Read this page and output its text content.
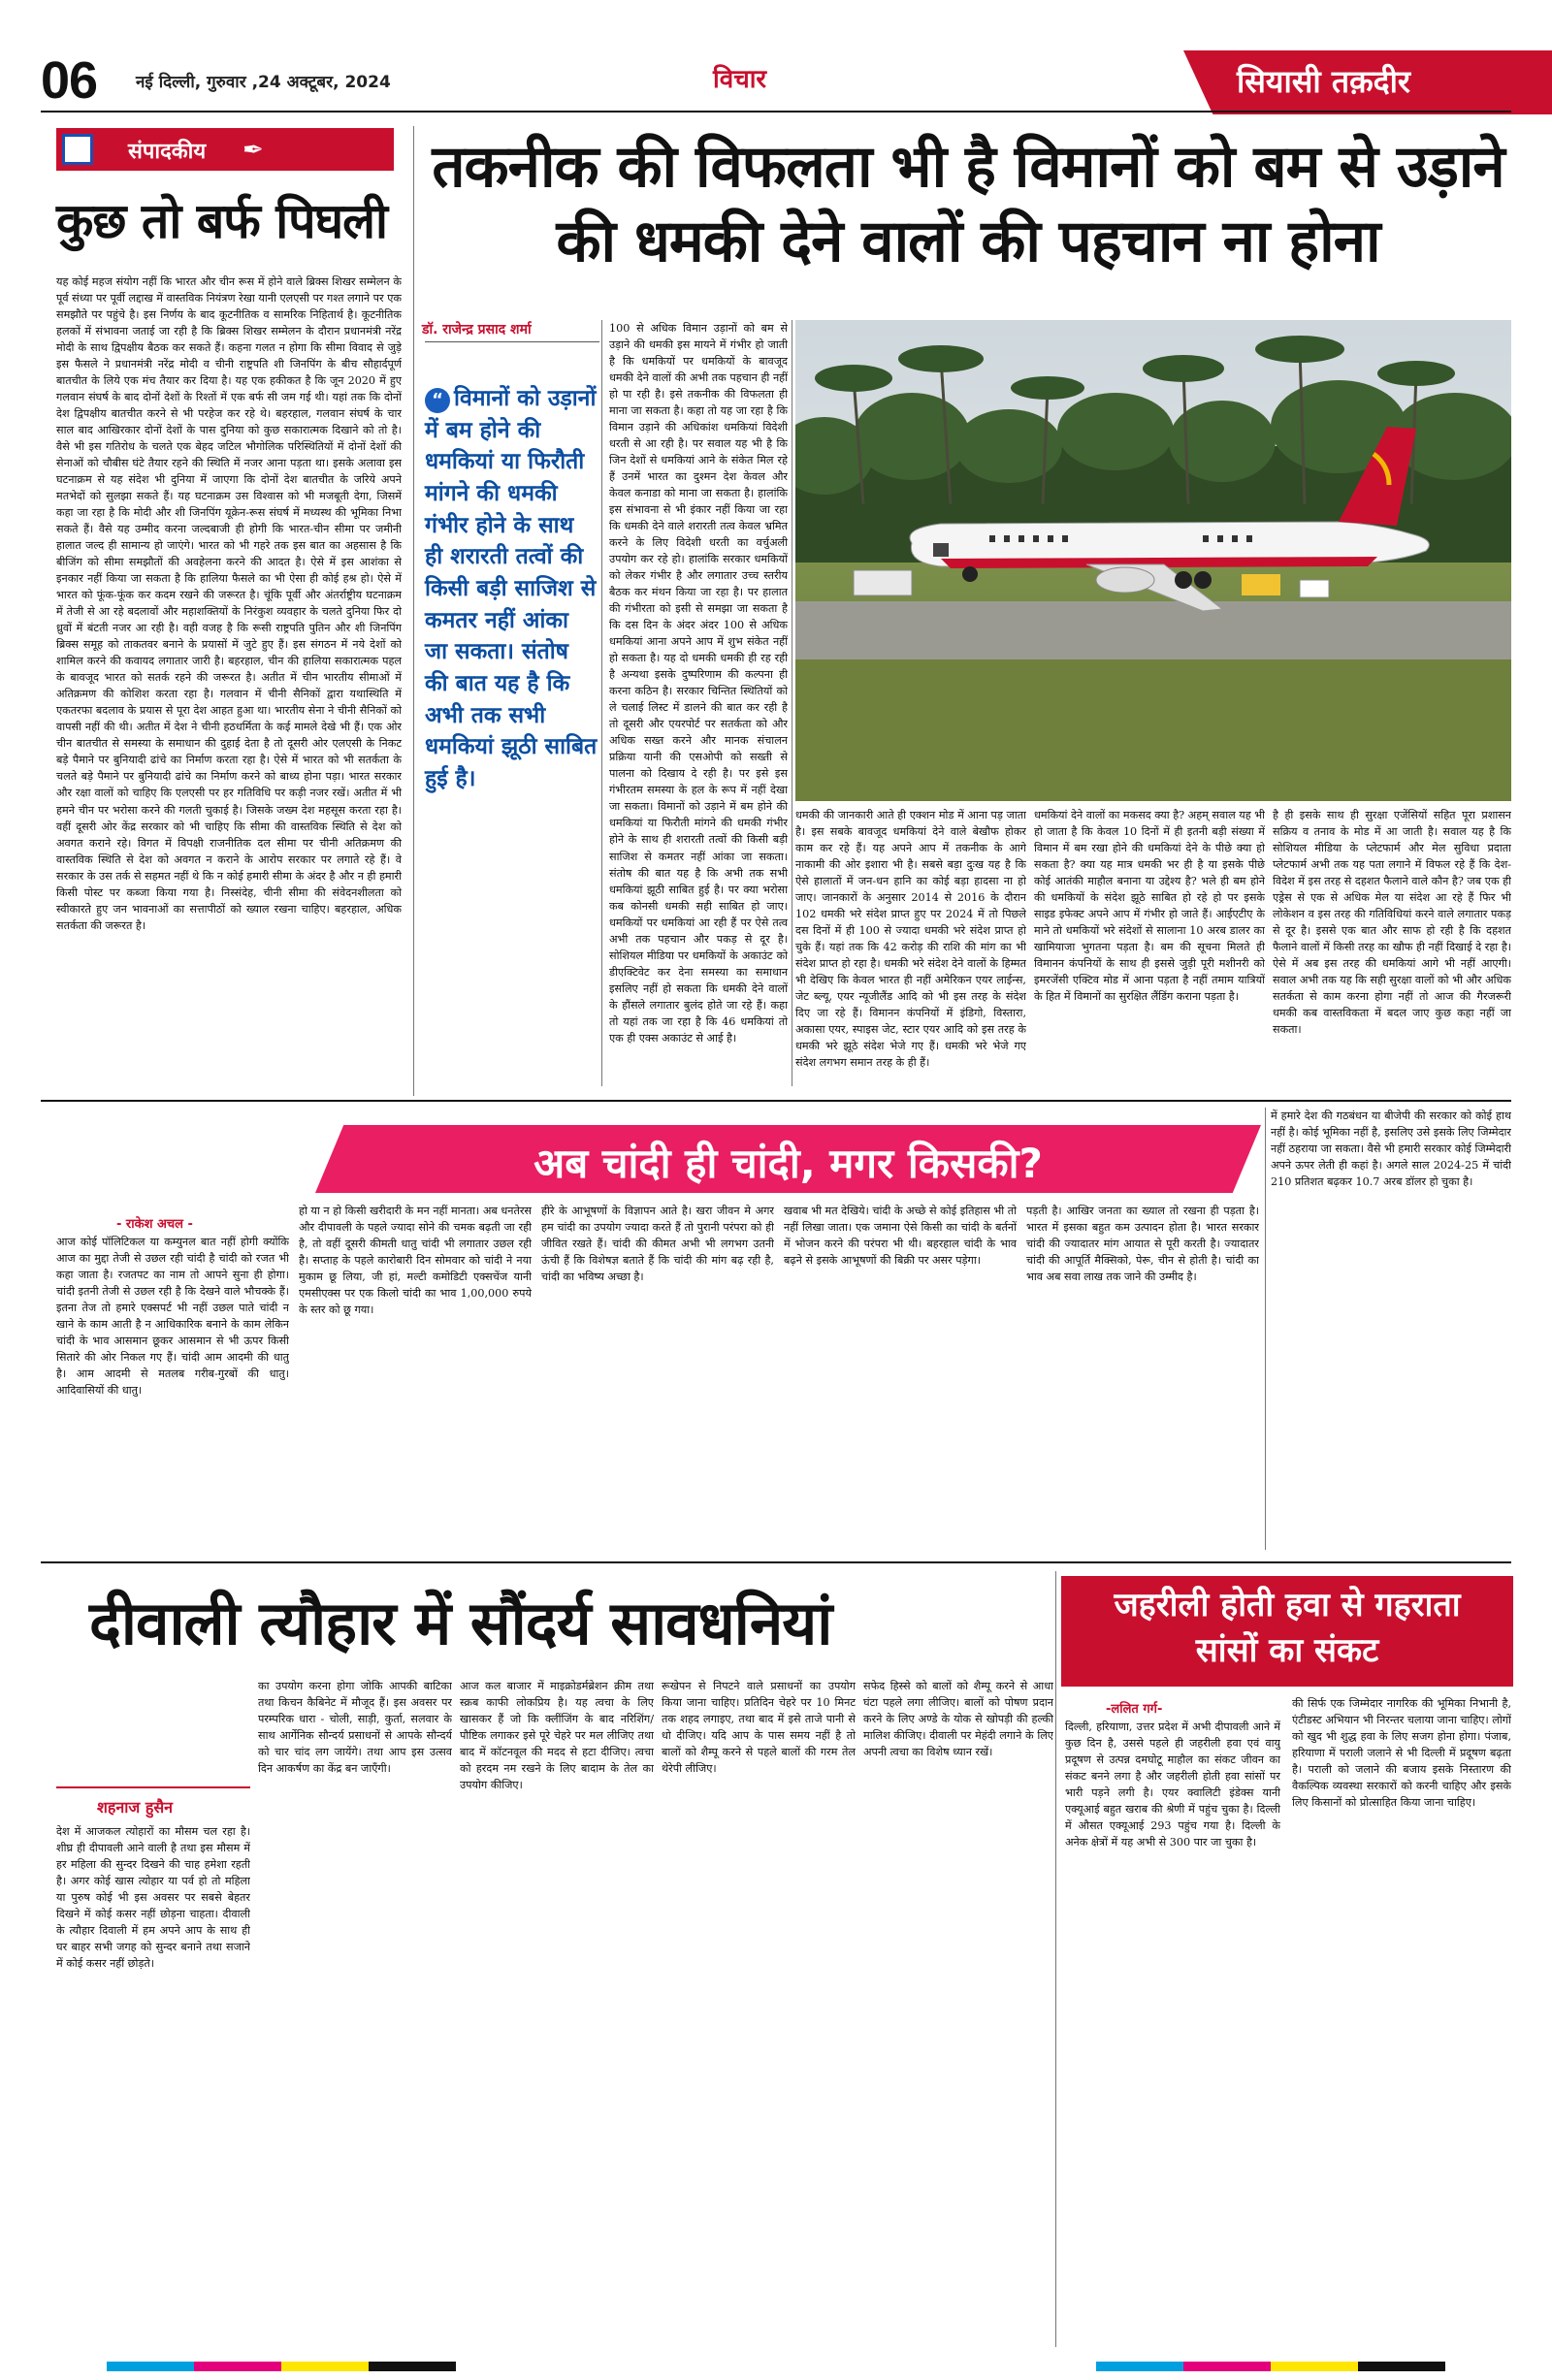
06 नई दिल्ली, गुरुवार ,24 अक्टूबर, 2024	विचार	सियासी तक़दीर
संपादकीय ✒
कुछ तो बर्फ पिघली
यह कोई महज संयोग नहीं कि भारत और चीन रूस में होने वाले ब्रिक्स शिखर सम्मेलन के पूर्व संध्या पर पूर्वी लद्दाख में वास्तविक नियंत्रण रेखा यानी एलएसी पर गश्त लगाने पर एक समझौते पर पहुंचे है। इस निर्णय के बाद कूटनीतिक व सामरिक निहितार्थ है। कूटनीतिक हलकों में संभावना जताई जा रही है कि ब्रिक्स शिखर सम्मेलन के दौरान प्रधानमंत्री नरेंद्र मोदी के साथ द्विपक्षीय बैठक कर सकते हैं। कहना गलत न होगा कि सीमा विवाद से जुड़े इस फैसले ने प्रधानमंत्री नरेंद्र मोदी व चीनी राष्ट्रपति शी जिनपिंग के बीच सौहार्दपूर्ण बातचीत के लिये एक मंच तैयार कर दिया है। यह एक हकीकत है कि जून 2020 में हुए गलवान संघर्ष के बाद दोनों देशों के रिश्तों में एक बर्फ सी जम गई थी। यहां तक कि दोनों देश द्विपक्षीय बातचीत करने से भी परहेज कर रहे थे। बहरहाल, गलवान संघर्ष के चार साल बाद आखिरकार दोनों देशों के पास दुनिया को कुछ सकारात्मक दिखाने को तो है। वैसे भी इस गतिरोध के चलते एक बेहद जटिल भौगोलिक परिस्थितियों में दोनों देशों की सेनाओं को चौबीस घंटे तैयार रहने की स्थिति में नजर आना पड़ता था। इसके अलावा इस घटनाक्रम से यह संदेश भी दुनिया में जाएगा कि दोनों देश बातचीत के जरिये अपने मतभेदों को सुलझा सकते हैं। यह घटनाक्रम उस विश्वास को भी मजबूती देगा, जिसमें कहा जा रहा है कि मोदी और शी जिनपिंग यूक्रेन-रूस संघर्ष में मध्यस्थ की भूमिका निभा सकते हैं। वैसे यह उम्मीद करना जल्दबाजी ही होगी कि भारत-चीन सीमा पर जमीनी हालात जल्द ही सामान्य हो जाएंगे। भारत को भी गहरे तक इस बात का अहसास है कि बीजिंग को सीमा समझौतों की अवहेलना करने की आदत है। ऐसे में इस आशंका से इनकार नहीं किया जा सकता है कि हालिया फैसले का भी ऐसा ही कोई हश्र हो। ऐसे में भारत को फूंक-फूंक कर कदम रखने की जरूरत है। चूंकि पूर्वी और अंतर्राष्ट्रीय घटनाक्रम में तेजी से आ रहे बदलावों और महाशक्तियों के निरंकुश व्यवहार के चलते दुनिया फिर दो ध्रुवों में बंटती नजर आ रही है। वही वजह है कि रूसी राष्ट्रपति पुतिन और शी जिनपिंग ब्रिक्स समूह को ताकतवर बनाने के प्रयासों में जुटे हुए हैं। इस संगठन में नये देशों को शामिल करने की कवायद लगातार जारी है। बहरहाल, चीन की हालिया सकारात्मक पहल के बावजूद भारत को सतर्क रहने की जरूरत है। अतीत में चीन भारतीय सीमाओं में अतिक्रमण की कोशिश करता रहा है। गलवान में चीनी सैनिकों द्वारा यथास्थिति में एकतरफा बदलाव के प्रयास से पूरा देश आहत हुआ था। भारतीय सेना ने चीनी सैनिकों को वापसी नहीं की थी। अतीत में देश ने चीनी हठधर्मिता के कई मामले देखे भी हैं। एक ओर चीन बातचीत से समस्या के समाधान की दुहाई देता है तो दूसरी ओर एलएसी के निकट बड़े पैमाने पर बुनियादी ढांचे का निर्माण करता रहा है। ऐसे में भारत को भी सतर्कता के चलते बड़े पैमाने पर बुनियादी ढांचे का निर्माण करने को बाध्य होना पड़ा। भारत सरकार और रक्षा वालों को चाहिए कि एलएसी पर हर गतिविधि पर कड़ी नजर रखें। अतीत में भी हमने चीन पर भरोसा करने की गलती चुकाई है। जिसके जख्म देश महसूस करता रहा है। वहीं दूसरी ओर केंद्र सरकार को भी चाहिए कि सीमा की वास्तविक स्थिति से देश को अवगत कराने रहे। विगत में विपक्षी राजनीतिक दल सीमा पर चीनी अतिक्रमण की वास्तविक स्थिति से देश को अवगत न कराने के आरोप सरकार पर लगाते रहे हैं। वे सरकार के उस तर्क से सहमत नहीं थे कि न कोई हमारी सीमा के अंदर है और न ही हमारी किसी पोस्ट पर कब्जा किया गया है। निस्संदेह, चीनी सीमा की संवेदनशीलता को स्वीकारते हुए जन भावनाओं का सत्तापीठों को ख्याल रखना चाहिए। बहरहाल, अधिक सतर्कता की जरूरत है।
तकनीक की विफलता भी है विमानों को बम से उड़ाने
की धमकी देने वालों की पहचान ना होना
डॉ. राजेन्द्र प्रसाद शर्मा
“ विमानों को उड़ानों में बम होने की धमकियां या फिरौती मांगने की धमकी गंभीर होने के साथ ही शरारती तत्वों की किसी बड़ी साजिश से कमतर नहीं आंका जा सकता। संतोष की बात यह है कि अभी तक सभी धमकियां झूठी साबित हुई है।
100 से अधिक विमान उड़ानों को बम से उड़ाने की धमकी इस मायने में गंभीर हो जाती है कि धमकियों पर धमकियों के बावजूद धमकी देने वालों की अभी तक पहचान ही नहीं हो पा रही है। इसे तकनीक की विफलता ही माना जा सकता है। कहा तो यह जा रहा है कि विमान उड़ाने की अधिकांश धमकियां विदेशी धरती से आ रही है। पर सवाल यह भी है कि जिन देशों से धमकियां आने के संकेत मिल रहे हैं उनमें भारत का दुश्मन देश केवल और केवल कनाडा को माना जा सकता है। हालांकि इस संभावना से भी इंकार नहीं किया जा रहा कि धमकी देने वाले शरारती तत्व केवल भ्रमित करने के लिए विदेशी धरती का वर्चुअली उपयोग कर रहे हो। हालांकि सरकार धमकियों को लेकर गंभीर है और लगातार उच्च स्तरीय बैठक कर मंथन किया जा रहा है। पर हालात की गंभीरता को इसी से समझा जा सकता है कि दस दिन के अंदर अंदर 100 से अधिक धमकियां आना अपने आप में शुभ संकेत नहीं हो सकता है। यह दो धमकी धमकी ही रह रही है अन्यथा इसके दुष्परिणाम की कल्पना ही करना कठिन है। सरकार चिन्तित स्थितियों को ले चलाई लिस्ट में डालने की बात कर रही है तो दूसरी और एयरपोर्ट पर सतर्कता को और अधिक सख्त करने और मानक संचालन प्रक्रिया यानी की एसओपी को सख्ती से पालना को दिखाय दे रही है। पर इसे इस गंभीरतम समस्या के हल के रूप में नहीं देखा जा सकता। विमानों को उड़ाने में बम होने की धमकियां या फिरौती मांगने की धमकी गंभीर होने के साथ ही शरारती तत्वों की किसी बड़ी साजिश से कमतर नहीं आंका जा सकता। संतोष की बात यह है कि अभी तक सभी धमकियां झूठी साबित हुई है। पर क्या भरोसा कब कोनसी धमकी सही साबित हो जाए। धमकियों पर धमकियां आ रही हैं पर ऐसे तत्व अभी तक पहचान और पकड़ से दूर है। सोशियल मीडिया पर धमकियों के अकाउंट को डीएक्टिवेट कर देना समस्या का समाधान इसलिए नहीं हो सकता कि धमकी देने वालों के हौंसले लगातार बुलंद होते जा रहे हैं। कहा तो यहां तक जा रहा है कि 46 धमकियां तो एक ही एक्स अकाउंट से आई है।
धमकी की जानकारी आते ही एक्शन मोड में आना पड़ जाता है। इस सबके बावजूद धमकियां देने वाले बेखौफ होकर काम कर रहे हैं। यह अपने आप में तकनीक के आगे नाकामी की ओर इशारा भी है। सबसे बड़ा दुःख यह है कि ऐसे हालातों में जन-धन हानि का कोई बड़ा हादसा ना हो जाए। जानकारों के अनुसार 2014 से 2016 के दौरान 102 धमकी भरे संदेश प्राप्त हुए पर 2024 में तो पिछले दस दिनों में ही 100 से ज्यादा धमकी भरे संदेश प्राप्त हो चुके हैं। यहां तक कि 42 करोड़ की राशि की मांग का भी संदेश प्राप्त हो रहा है। धमकी भरे संदेश देने वालों के हिम्मत भी देखिए कि केवल भारत ही नहीं अमेरिकन एयर लाईन्स, जेट ब्ल्यू, एयर न्यूजीलैंड आदि को भी इस तरह के संदेश दिए जा रहे हैं। विमानन कंपनियों में इंडिगो, विस्तारा, अकासा एयर, स्पाइस जेट, स्टार एयर आदि को इस तरह के धमकी भरे झूठे संदेश भेजे गए हैं। धमकी भरे भेजे गए संदेश लगभग समान तरह के ही हैं।
धमकियां देने वालों का मकसद क्या है? अहम् सवाल यह भी हो जाता है कि केवल 10 दिनों में ही इतनी बड़ी संख्या में विमान में बम रखा होने की धमकियां देने के पीछे क्या हो सकता है? क्या यह मात्र धमकी भर ही है या इसके पीछे कोई आतंकी माहौल बनाना या उद्देश्य है? भले ही बम होने की धमकियों के संदेश झूठे साबित हो रहे हो पर इसके साइड इफेक्ट अपने आप में गंभीर हो जाते हैं। आईएटीए के माने तो धमकियों भरे संदेशों से सालाना 10 अरब डालर का खामियाजा भुगतना पड़ता है। बम की सूचना मिलते ही विमानन कंपनियों के साथ ही इससे जुड़ी पूरी मशीनरी को इमरजेंसी एक्टिव मोड में आना पड़ता है नहीं तमाम यात्रियों के हित में विमानों का सुरक्षित लैंडिंग कराना पड़ता है।
है ही इसके साथ ही सुरक्षा एजेंसियों सहित पूरा प्रशासन सक्रिय व तनाव के मोड में आ जाती है। सवाल यह है कि सोशियल मीडिया के प्लेटफार्म और मेल सुविधा प्रदाता प्लेटफार्म अभी तक यह पता लगाने में विफल रहे हैं कि देश-विदेश में इस तरह से दहशत फैलाने वाले कौन है? जब एक ही एड्रेस से एक से अधिक मेल या संदेश आ रहे हैं फिर भी लोकेशन व इस तरह की गतिविधियां करने वाले लगातार पकड़ से दूर है। इससे एक बात और साफ हो रही है कि दहशत फैलाने वालों में किसी तरह का खौफ ही नहीं दिखाई दे रहा है। ऐसे में अब इस तरह की धमकियां आगे भी नहीं आएगी। सवाल अभी तक यह कि सही सुरक्षा वालों को भी और अधिक सतर्कता से काम करना होगा नहीं तो आज की गैरजरूरी धमकी कब वास्तविकता में बदल जाए कुछ कहा नहीं जा सकता।
अब चांदी ही चांदी, मगर किसकी?
- राकेश अचल -
आज कोई पॉलिटिकल या कम्युनल बात नहीं होगी क्योंकि आज का मुद्दा तेजी से उछल रही चांदी है चांदी को रजत भी कहा जाता है। रजतपट का नाम तो आपने सुना ही होगा। चांदी इतनी तेजी से उछल रही है कि देखने वाले भौचक्के हैं। इतना तेज तो हमारे एक्सपर्ट भी नहीं उछल पाते चांदी न खाने के काम आती है न आधिकारिक बनाने के काम लेकिन चांदी के भाव आसमान छूकर आसमान से भी ऊपर किसी सितारे की ओर निकल गए हैं। चांदी आम आदमी की धातु है। आम आदमी से मतलब गरीब-गुरबों की धातु। आदिवासियों की धातु।
हो या न हो किसी खरीदारी के मन नहीं मानता। अब धनतेरस और दीपावली के पहले ज्यादा सोने की चमक बढ़ती जा रही है, तो वहीं दूसरी कीमती धातु चांदी भी लगातार उछल रही है। सप्ताह के पहले कारोबारी दिन सोमवार को चांदी ने नया मुकाम छू लिया, जी हां, मल्टी कमोडिटी एक्सचेंज यानी एमसीएक्स पर एक किलो चांदी का भाव 1,00,000 रुपये के स्तर को छू गया।
हीरे के आभूषणों के विज्ञापन आते है। खरा जीवन मे अगर हम चांदी का उपयोग ज्यादा करते हैं तो पुरानी परंपरा को ही जीवित रखते हैं। चांदी की कीमत अभी भी लगभग उतनी ऊंची हैं कि विशेषज्ञ बताते हैं कि चांदी की मांग बढ़ रही है, चांदी का भविष्य अच्छा है।
खवाब भी मत देखिये। चांदी के अच्छे से कोई इतिहास भी तो नहीं लिखा जाता। एक जमाना ऐसे किसी का चांदी के बर्तनों में भोजन करने की परंपरा भी थी। बहरहाल चांदी के भाव बढ़ने से इसके आभूषणों की बिक्री पर असर पड़ेगा।
पड़ती है। आखिर जनता का ख्याल तो रखना ही पड़ता है। भारत में इसका बहुत कम उत्पादन होता है। भारत सरकार चांदी की ज्यादातर मांग आयात से पूरी करती है। ज्यादातर चांदी की आपूर्ति मैक्सिको, पेरू, चीन से होती है। चांदी का भाव अब सवा लाख तक जाने की उम्मीद है।
में हमारे देश की गठबंधन या बीजेपी की सरकार को कोई हाथ नहीं है। कोई भूमिका नहीं है, इसलिए उसे इसके लिए जिम्मेदार नहीं ठहराया जा सकता। वैसे भी हमारी सरकार कोई जिम्मेदारी अपने ऊपर लेती ही कहां है। अगले साल 2024-25 में चांदी 210 प्रतिशत बढ़कर 10.7 अरब डॉलर हो चुका है।
दीवाली त्यौहार में सौंदर्य सावधनियां
शहनाज हुसैन
देश में आजकल त्योहारों का मौसम चल रहा है। शीघ्र ही दीपावली आने वाली है तथा इस मौसम में हर महिला की सुन्दर दिखने की चाह हमेशा रहती है। अगर कोई खास त्योहार या पर्व हो तो महिला या पुरुष कोई भी इस अवसर पर सबसे बेहतर दिखने में कोई कसर नहीं छोड़ना चाहता। दीवाली के त्यौहार दिवाली में हम अपने आप के साथ ही घर बाहर सभी जगह को सुन्दर बनाने तथा सजाने में कोई कसर नहीं छोड़ते।
का उपयोग करना होगा जोकि आपकी बाटिका तथा किचन कैबिनेट में मौजूद हैं। इस अवसर पर परम्परिक धारा - चोली, साड़ी, कुर्ता, सलवार के साथ आर्गेनिक सौन्दर्य प्रसाधनों से आपके सौन्दर्य को चार चांद लग जायेंगे। तथा आप इस उत्सव दिन आकर्षण का केंद्र बन जाएँगी।
आज कल बाजार में माइक्रोडर्मब्रेशन क्रीम तथा स्क्रब काफी लोकप्रिय है। यह त्वचा के लिए खासकर हैं जो कि क्लींजिंग के बाद नरिशिंग/पौष्टिक लगाकर इसे पूरे चेहरे पर मल लीजिए तथा बाद में कॉटनवूल की मदद से हटा दीजिए। त्वचा को हरदम नम रखने के लिए बादाम के तेल का उपयोग कीजिए।
रूखेपन से निपटने वाले प्रसाधनों का उपयोग किया जाना चाहिए। प्रतिदिन चेहरे पर 10 मिनट तक शहद लगाइए, तथा बाद में इसे ताजे पानी से धो दीजिए। यदि आप के पास समय नहीं है तो बालों को शैम्पू करने से पहले बालों की गरम तेल थेरेपी लीजिए।
सफेद हिस्से को बालों को शैम्पू करने से आधा घंटा पहले लगा लीजिए। बालों को पोषण प्रदान करने के लिए अण्डे के योक से खोपड़ी की हल्की मालिश कीजिए। दीवाली पर मेहंदी लगाने के लिए अपनी त्वचा का विशेष ध्यान रखें।
जहरीली होती हवा से गहराता
सांसों का संकट
-ललित गर्ग-
दिल्ली, हरियाणा, उत्तर प्रदेश में अभी दीपावली आने में कुछ दिन है, उससे पहले ही जहरीली हवा एवं वायु प्रदूषण से उत्पन्न दमघोटू माहौल का संकट जीवन का संकट बनने लगा है और जहरीली होती हवा सांसों पर भारी पड़ने लगी है। एयर क्वालिटी इंडेक्स यानी एक्यूआई बहुत खराब की श्रेणी में पहुंच चुका है। दिल्ली में औसत एक्यूआई 293 पहुंच गया है। दिल्ली के अनेक क्षेत्रों में यह अभी से 300 पार जा चुका है।
की सिर्फ एक जिम्मेदार नागरिक की भूमिका निभानी है, एंटीडस्ट अभियान भी निरन्तर चलाया जाना चाहिए। लोगों को खुद भी शुद्ध हवा के लिए सजग होना होगा। पंजाब, हरियाणा में पराली जलाने से भी दिल्ली में प्रदूषण बढ़ता है। पराली को जलाने की बजाय इसके निस्तारण की वैकल्पिक व्यवस्था सरकारों को करनी चाहिए और इसके लिए किसानों को प्रोत्साहित किया जाना चाहिए।
